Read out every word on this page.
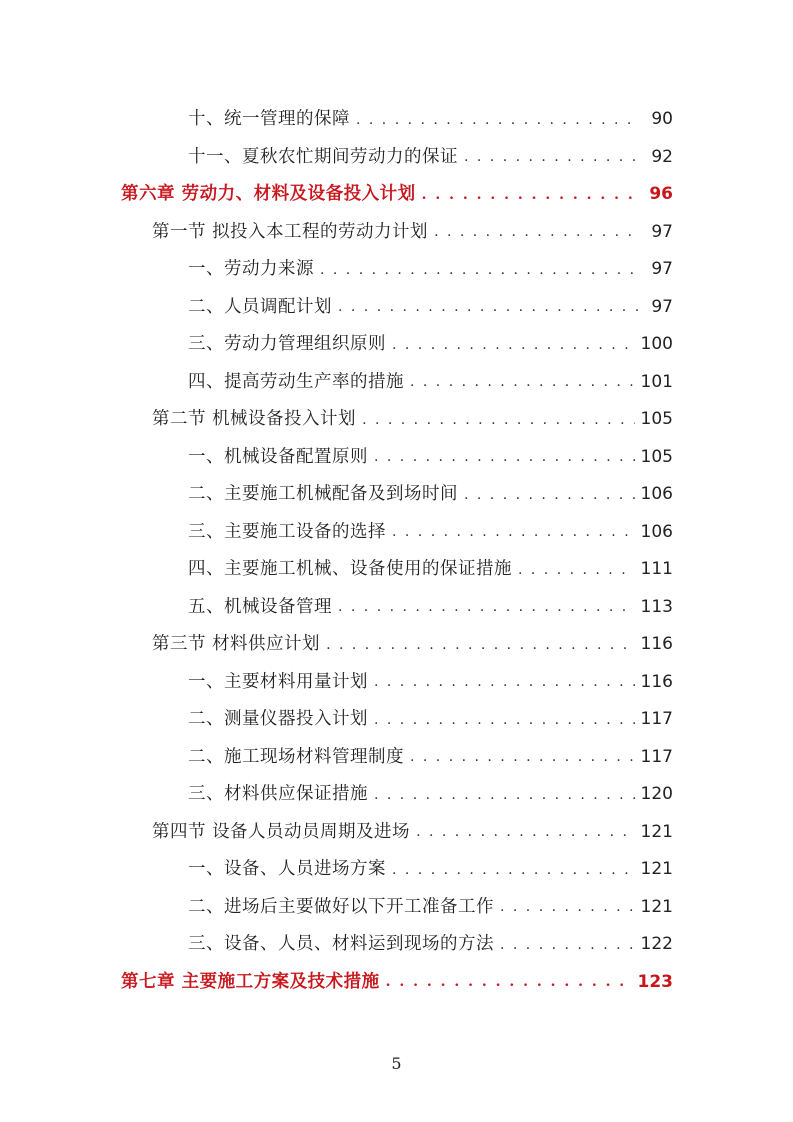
十、统一管理的保障 . . .	90
十一、夏秋农忙期间劳动力的保证 . . .	92
第六章 劳动力、材料及设备投入计划 . . .	96
第一节 拟投入本工程的劳动力计划 . . .	97
一、劳动力来源 . . .	97
二、人员调配计划 . . .	97
三、劳动力管理组织原则 . . .	100
四、提高劳动生产率的措施 . . .	101
第二节 机械设备投入计划 . . .	105
一、机械设备配置原则 . . .	105
二、主要施工机械配备及到场时间 . . .	106
三、主要施工设备的选择 . . .	106
四、主要施工机械、设备使用的保证措施 . . .	111
五、机械设备管理 . . .	113
第三节 材料供应计划 . . .	116
一、主要材料用量计划 . . .	116
二、测量仪器投入计划 . . .	117
二、施工现场材料管理制度 . . .	117
三、材料供应保证措施 . . .	120
第四节 设备人员动员周期及进场 . . .	121
一、设备、人员进场方案 . . .	121
二、进场后主要做好以下开工准备工作 . . .	121
三、设备、人员、材料运到现场的方法 . . .	122
第七章 主要施工方案及技术措施 . . .	123
5
